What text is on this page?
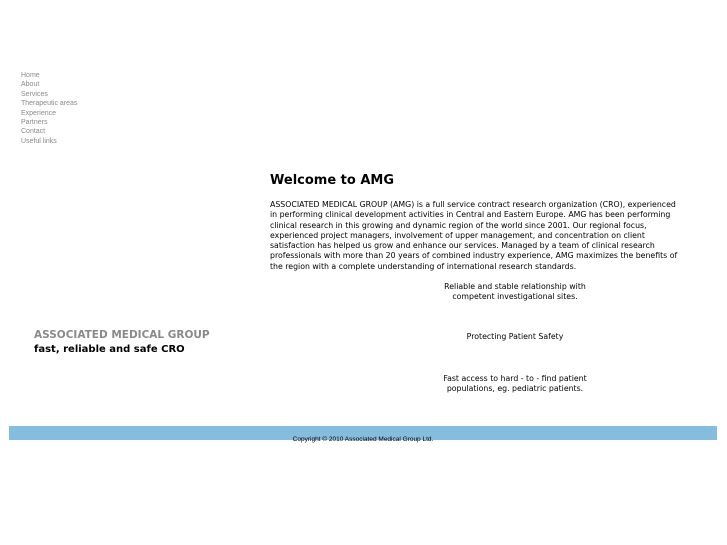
Home
About
Services
Therapeutic areas
Experience
Partners
Contact
Useful links
ASSOCIATED MEDICAL GROUP
fast, reliable and safe CRO
Welcome to AMG

ASSOCIATED MEDICAL GROUP (AMG) is a full service contract research organization (CRO), experienced in performing clinical development activities in Central and Eastern Europe. AMG has been performing clinical research in this growing and dynamic region of the world since 2001. Our regional focus, experienced project managers, involvement of upper management, and concentration on client satisfaction has helped us grow and enhance our services. Managed by a team of clinical research professionals with more than 20 years of combined industry experience, AMG maximizes the benefits of the region with a complete understanding of international research standards.

Reliable and stable relationship with competent investigational sites.
Protecting Patient Safety
Fast access to hard - to - find patient populations, eg. pediatric patients.
Copyright © 2010 Associated Medical Group Ltd.
